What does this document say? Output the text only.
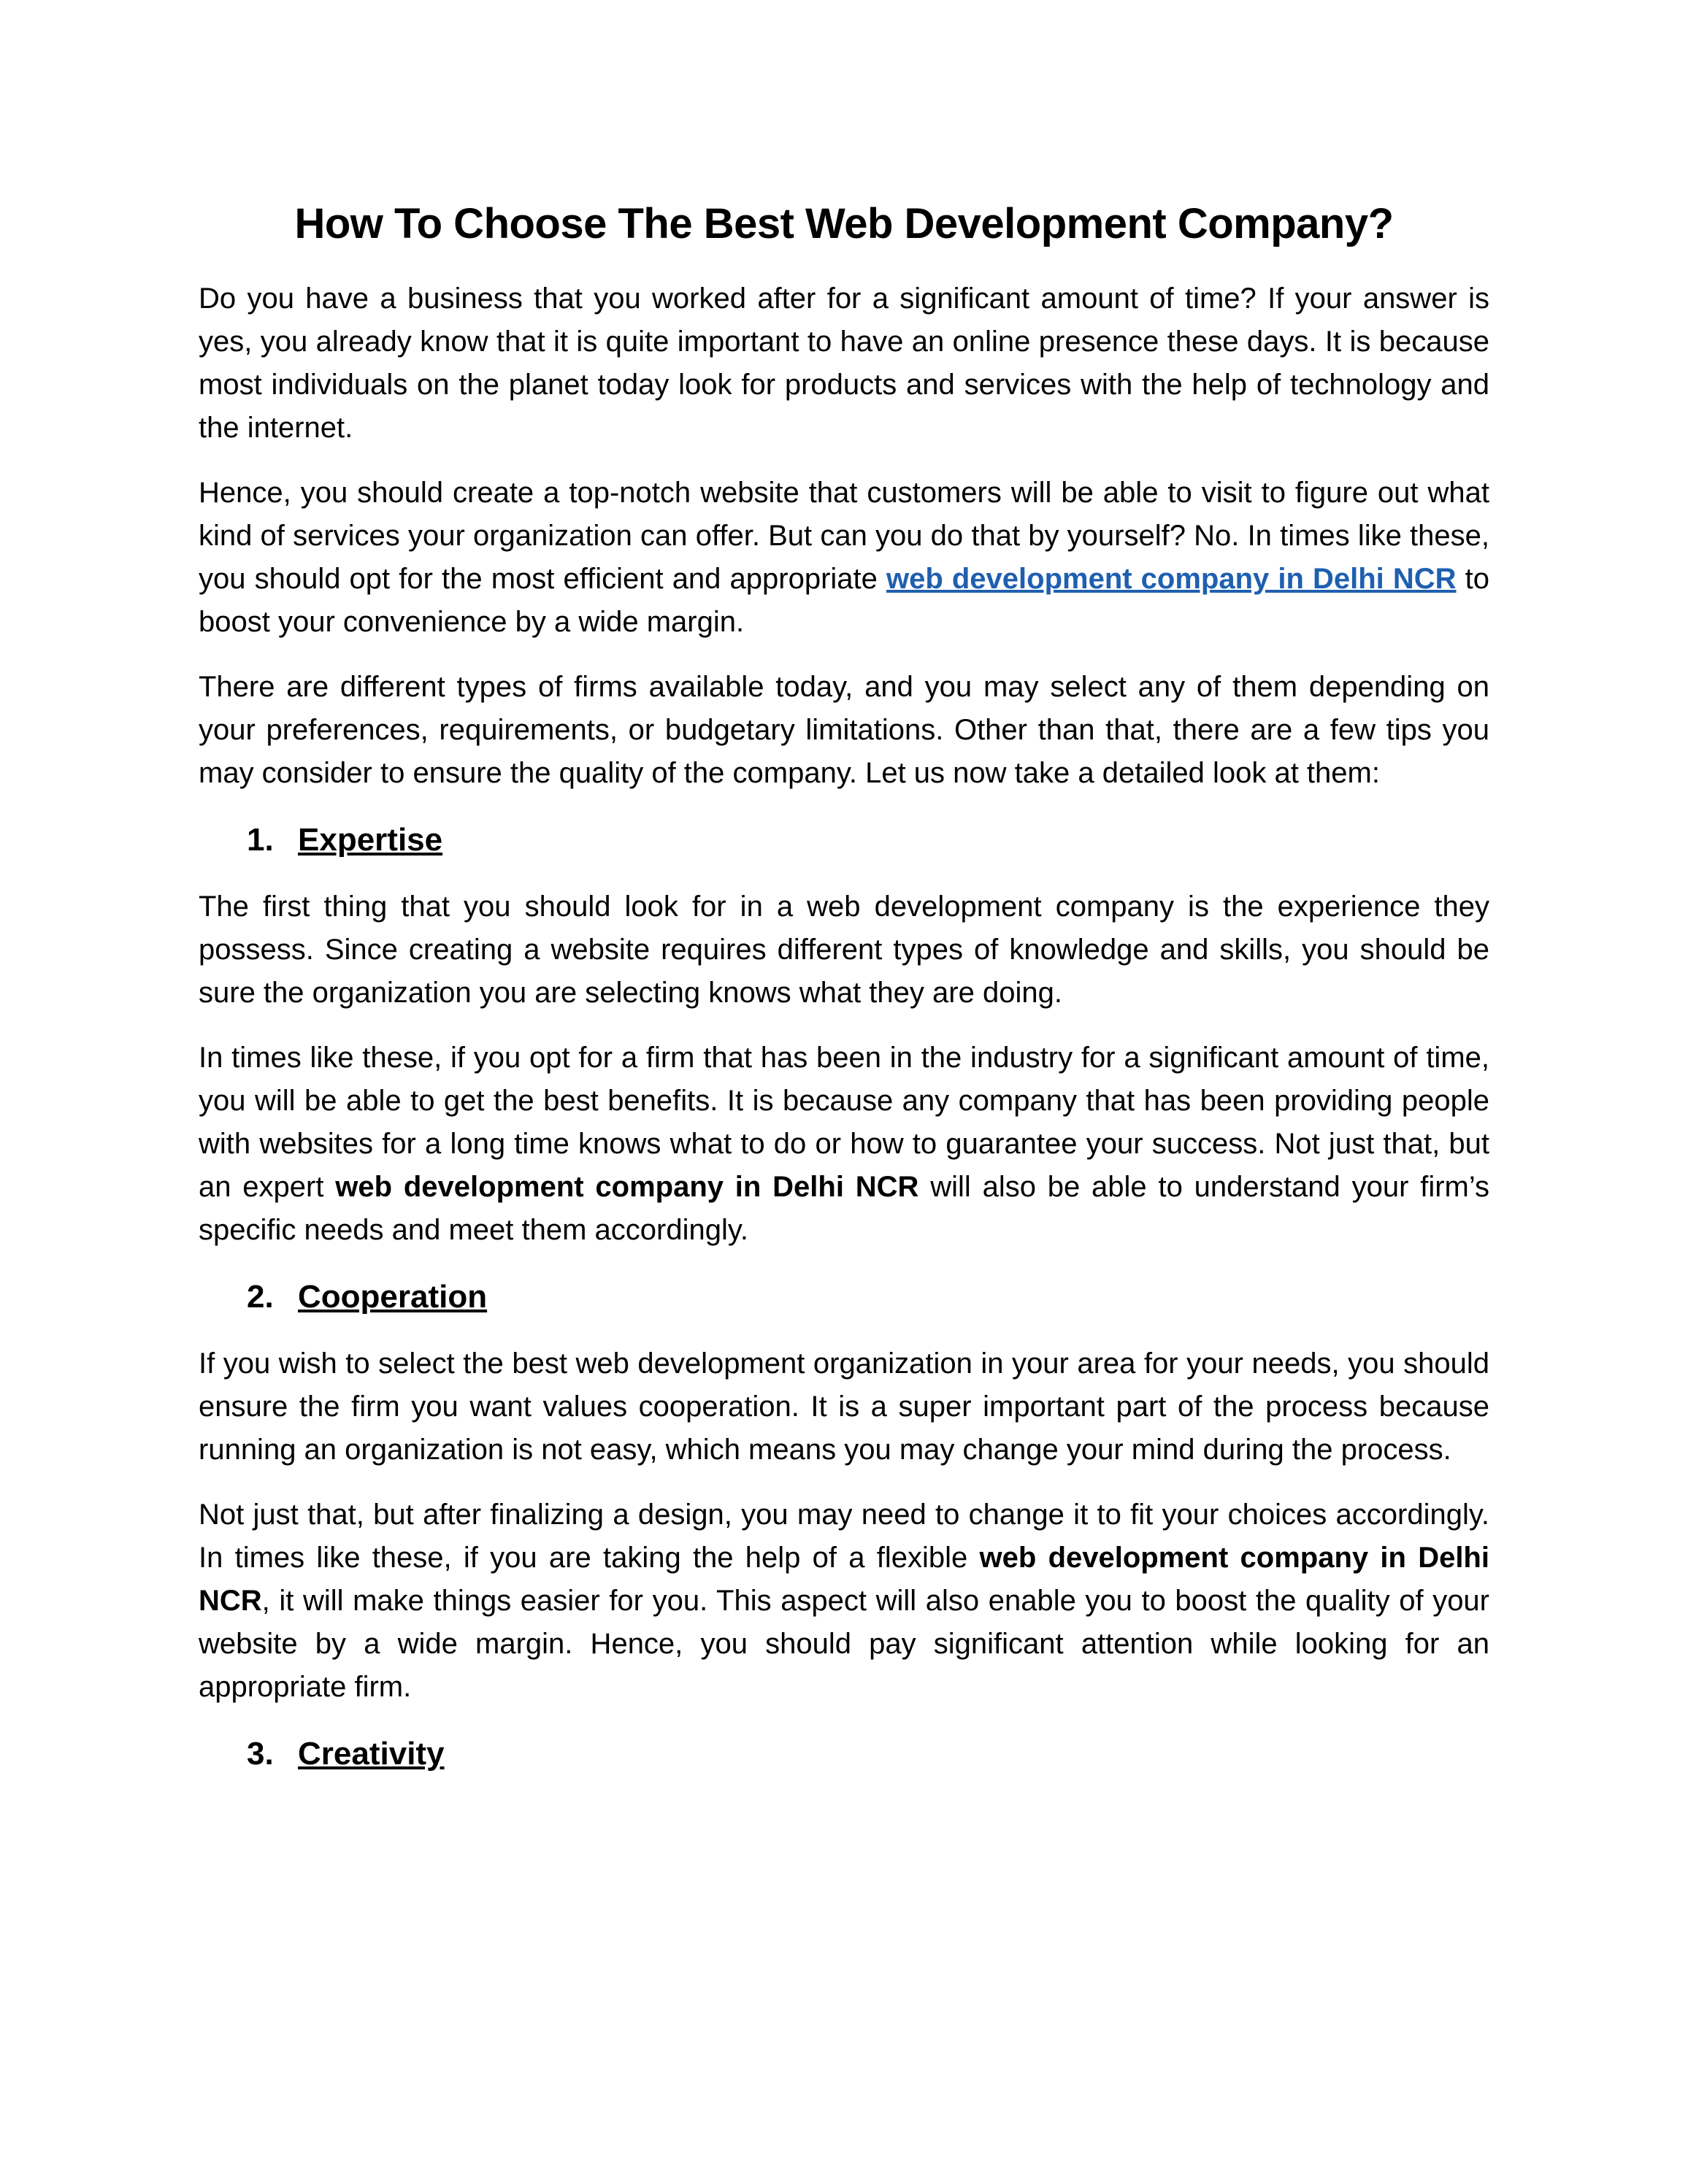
How To Choose The Best Web Development Company?

Do you have a business that you worked after for a significant amount of time? If your answer is yes, you already know that it is quite important to have an online presence these days. It is because most individuals on the planet today look for products and services with the help of technology and the internet.

Hence, you should create a top-notch website that customers will be able to visit to figure out what kind of services your organization can offer. But can you do that by yourself? No. In times like these, you should opt for the most efficient and appropriate web development company in Delhi NCR to boost your convenience by a wide margin.

There are different types of firms available today, and you may select any of them depending on your preferences, requirements, or budgetary limitations. Other than that, there are a few tips you may consider to ensure the quality of the company. Let us now take a detailed look at them:

1. Expertise

The first thing that you should look for in a web development company is the experience they possess. Since creating a website requires different types of knowledge and skills, you should be sure the organization you are selecting knows what they are doing.

In times like these, if you opt for a firm that has been in the industry for a significant amount of time, you will be able to get the best benefits. It is because any company that has been providing people with websites for a long time knows what to do or how to guarantee your success. Not just that, but an expert web development company in Delhi NCR will also be able to understand your firm’s specific needs and meet them accordingly.

2. Cooperation

If you wish to select the best web development organization in your area for your needs, you should ensure the firm you want values cooperation. It is a super important part of the process because running an organization is not easy, which means you may change your mind during the process.

Not just that, but after finalizing a design, you may need to change it to fit your choices accordingly. In times like these, if you are taking the help of a flexible web development company in Delhi NCR, it will make things easier for you. This aspect will also enable you to boost the quality of your website by a wide margin. Hence, you should pay significant attention while looking for an appropriate firm.

3. Creativity
